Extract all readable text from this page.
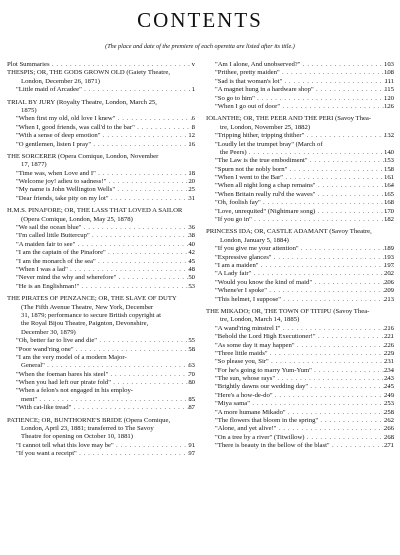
CONTENTS
(The place and date of the premiere of each operetta are listed after its title.)
Plot Summaries . . .	v
THESPIS; OR, THE GODS GROWN OLD (Gaiety Theatre,
London, December 26, 1871)
"Little maid of Arcadee" . . .	1
TRIAL BY JURY (Royalty Theatre, London, March 25,
1875)
"When first my old, old love I knew" . . .	6
"When I, good friends, was call'd to the bar" . . .	8
"With a sense of deep emotion" . . .	12
"O gentlemen, listen I pray" . . .	16
THE SORCERER (Opera Comique, London, November
17, 1877)
"Time was, when Love and I" . . .	18
"Welcome joy! adieu to sadness!" . . .	20
"My name is John Wellington Wells" . . .	25
"Dear friends, take pity on my lot" . . .	31
H.M.S. PINAFORE; OR, THE LASS THAT LOVED A SAILOR
(Opera Comique, London, May 25, 1878)
"We sail the ocean blue" . . .	36
"I'm called little Buttercup" . . .	38
"A maiden fair to see" . . .	40
"I am the captain of the Pinafore" . . .	42
"I am the monarch of the sea" . . .	45
"When I was a lad" . . .	48
"Never mind the why and wherefore" . . .	50
"He is an Englishman!" . . .	53
THE PIRATES OF PENZANCE; OR, THE SLAVE OF DUTY
(The Fifth Avenue Theatre, New York, December
31, 1879; performance to secure British copyright at
the Royal Bijou Theatre, Paignton, Devonshire,
December 30, 1879)
"Oh, better far to live and die" . . .	55
"Poor wand'ring one" . . .	58
"I am the very model of a modern Major-
General" . . .	63
"When the foeman bares his steel" . . .	70
"When you had left our pirate fold" . . .	80
"When a felon's not engaged in his employ-
ment" . . .	85
"With cat-like tread" . . .	87
PATIENCE; OR, BUNTHORNE'S BRIDE (Opera Comique,
London, April 23, 1881; transferred to The Savoy
Theatre for opening on October 10, 1881)
"I cannot tell what this love may be" . . .	91
"If you want a receipt" . . .	97
"Am I alone, And unobserved?" . . .	103
"Prithee, pretty maiden" . . .	108
"Sad is that woman's lot" . . .	111
"A magnet hung in a hardware shop" . . .	115
"So go to him" . . .	120
"When I go out of door" . . .	126
IOLANTHE; OR, THE PEER AND THE PERI (Savoy Thea-
tre, London, November 25, 1882)
"Tripping hither, tripping thither" . . .	132
"Loudly let the trumpet bray" (March of
the Peers) . . .	140
"The Law is the true embodiment" . . .	153
"Spurn not the nobly born" . . .	158
"When I went to the Bar" . . .	161
"When all night long a chap remains" . . .	164
"When Britain really rul'd the waves" . . .	165
"Oh, foolish fay" . . .	168
"Love, unrequited" (Nightmare song) . . .	170
"If you go in" . . .	182
PRINCESS IDA; OR, CASTLE ADAMANT (Savoy Theatre,
London, January 5, 1884)
"If you give me your attention" . . .	189
"Expressive glances" . . .	193
"I am a maiden" . . .	197
"A Lady fair" . . .	202
"Would you know the kind of maid" . . .	206
"Whene'er I spoke" . . .	209
"This helmet, I suppose" . . .	213
THE MIKADO; OR, THE TOWN OF TITIPU (Savoy Thea-
tre, London, March 14, 1885)
"A wand'ring minstrel I" . . .	216
"Behold the Lord High Executioner!" . . .	221
"As some day it may happen" . . .	226
"Three little maids" . . .	229
"So please you, Sir" . . .	231
"For he's going to marry Yum-Yum" . . .	234
"The sun, whose rays" . . .	243
"Brightly dawns our wedding day" . . .	245
"Here's a how-de-do" . . .	249
"Miya sama" . . .	253
"A more humane Mikado" . . .	258
"The flowers that bloom in the spring" . . .	262
"Alone, and yet alive!" . . .	266
"On a tree by a river" (Titwillow) . . .	268
"There is beauty in the bellow of the blast" . . .	271
